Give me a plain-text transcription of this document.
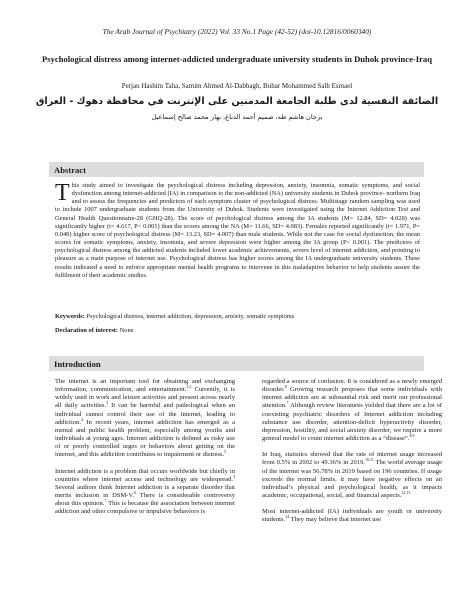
The Arab Journal of Psychiatry (2022) Vol. 33 No.1 Page (42-52) (doi-10.12816/0060340)
Psychological distress among internet-addicted undergraduate university students in Duhok province-Iraq
Perjan Hashim Taha, Samim Ahmed Al-Dabbagh, Buhar Mohammed Salh Esmael
الضائقة النفسية لدى طلبة الجامعة المدمنين على الإنترنت في محافظة دهوك - العراق
برجان هاشم طه، صميم أحمد الدباغ، بهار محمد صالح إسماعيل
Abstract
This study aimed to investigate the psychological distress including depression, anxiety, insomnia, somatic symptoms, and social dysfunction among internet-addicted (IA) in comparison to the non-addicted (NA) university students in Duhok province- northern Iraq and to assess the frequencies and predictors of each symptom cluster of psychological distress. Multistage random sampling was used to include 1007 undergraduate students from the University of Duhok. Students were investigated using the Internet Addiction Test and General Health Questionnaire-28 (GHQ-28). The score of psychological distress among the IA students (M= 12.84, SD= 4.028) was significantly higher (t= 4.617, P< 0.001) than the scores among the NA (M= 11.66, SD= 4.083). Females reported significantly (t= 1.971, P= 0.049) higher score of psychological distress (M= 13.23, SD= 4.007) than male students. While not the case for social dysfunction, the mean scores for somatic symptoms, anxiety, insomnia, and severe depression were higher among the IA group (P< 0.001). The predictors of psychological distress among the addicted students included lower academic achievements, severe level of internet addiction, and pointing to pleasure as a main purpose of internet use. Psychological distress has higher scores among the IA undergraduate university students. These results indicated a need to enforce appropriate mental health programs to intervene in this maladaptive behavior to help students assure the fulfilment of their academic studies.
Keywords: Psychological distress, internet addiction, depression, anxiety, somatic symptoms
Declaration of interest: None
Introduction

The internet is an important tool for obtaining and exchanging information, communication, and entertainment.$^{1,2}$ Currently, it is widely used in work and leisure activities and present across nearly all daily activities.$^3$ It can be harmful and pathological when an individual cannot control their use of the internet, leading to addiction.$^4$ In recent years, internet addiction has emerged as a mental and public health problem, especially among youths and individuals at young ages. Internet addiction is defined as risky use of or poorly controlled urges or behaviors about getting on the internet, and this addiction contributes to impairment or distress.$^5$

Internet addiction is a problem that occurs worldwide but chiefly in countries where internet access and technology are widespread.$^3$ Several authors think Internet addiction is a separate disorder that merits inclusion in DSM-V.$^6$ There is considerable controversy about this opinion.$^7$ This is because the association between internet addiction and other compulsive or impulsive behaviors is

regarded a source of confusion. It is considered as a newly emerged disorder.$^8$ Growing research proposes that some individuals with internet addiction are at substantial risk and merit our professional attention.$^7$ Although review literatures yielded that there are a lot of coexisting psychiatric disorders of Internet addiction including substance use disorder, attention-deficit hyperactivity disorder, depression, hostility, and social anxiety disorder, we require a more general model to count internet addiction as a “disease”.$^{8,9}$

In Iraq, statistics showed that the rate of internet usage increased from 0.5% in 2002 to 49.36% in 2019.$^{10,11}$ The world average usage of the internet was 56.78% in 2019 based on 196 countries. If usage exceeds the normal limits, it may have negative effects on an individual’s physical and psychological health, as it impacts academic, occupational, social, and financial aspects.$^{12,13}$

Most internet-addicted (IA) individuals are youth or university students.$^{14}$ They may believe that internet use
